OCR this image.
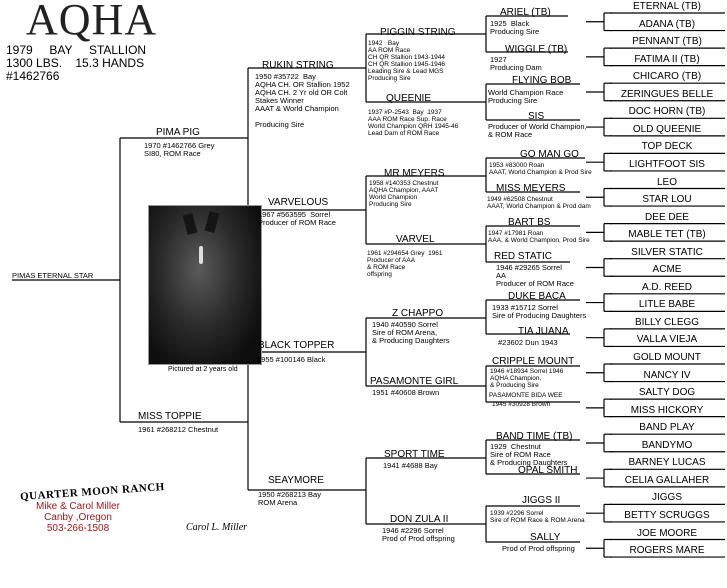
AQHA
1979     BAY     STALLION
1300 LBS.    15.3 HANDS
#1462766
PIMAS ETERNAL STAR
Pictured at 2 years old
PIMA PIG
1970 #1462766 Grey
SI80, ROM Race
MISS TOPPIE
1961 #268212 Chestnut
RUKIN STRING
1950 #35722  Bay
AQHA CH. OR Stallion 1952
AQHA CH. 2 Yr old OR Colt
Stakes Winner
AAAT & World Champion

Producing Sire
VARVELOUS
BLACK TOPPER
1955 #100146 Black
SEAYMORE
1950 #268213 Bay
ROM Arena
PIGGIN STRING
1942   Bay
AA ROM Race
CH QR Stallion 1943-1944
CH QR Stallion 1945-1946
Leading Sire & Lead MGS
Producing Sire
QUEENIE
1937 #P-2543  Bay  1937
AAA ROM Race Sup. Race
World Champion QRH 1945-46
Lead Dam of ROM Race
MR MEYERS
1958 #140353 Chestnut
AQHA Champion, AAAT
World Champion
Producing Sire
VARVEL
1961 #294654 Grey  1961
Producer of AAA
& ROM Race
offspring
Z CHAPPO
1940 #40590 Sorrel
Sire of ROM Arena,
& Producing Daughters
PASAMONTE GIRL
1951 #40608 Brown
SPORT TIME
1941 #4688 Bay
DON ZULA II
1946 #2296 Sorrel
Prod of Prod offspring
ARIEL (TB)
1925  Black
Producing Sire
WIGGLE (TB)
1927
Producing Dam
FLYING BOB
World Champion Race
Producing Sire
SIS
Producer of World Champion,
& ROM Race
GO MAN GO
1953 #83000 Roan
AAAT, World Champion & Prod Sire
MISS MEYERS
1949 #62508 Chestnut
AAAT, World Champion & Prod dam
BART BS
1947 #17981 Roan
AAA, & World Champion, Prod Sire
RED STATIC
1946 #29265 Sorrel
AA
Producer of ROM Race
DUKE BACA
1933 #15712 Sorrel
Sire of Producing Daughters
TIA JUANA
#23602 Dun 1943
CRIPPLE MOUNT
1946 #18934 Sorrel 1946
AQHA Champion,
& Producing Sire
PASAMONTE BIDA WEE
1945 #30928 Brown
BAND TIME (TB)
1929  Chestnut
Sire of ROM Race
& Producing Daughters
OPAL SMITH
JIGGS II
1939 #2296 Sorrel
Sire of ROM Race & ROM Arena
SALLY
Prod of Prod offspring
ETERNAL (TB)
ADANA (TB)
PENNANT (TB)
FATIMA II (TB)
CHICARO (TB)
ZERINGUES BELLE
DOC HORN (TB)
OLD QUEENIE
TOP DECK
LIGHTFOOT SIS
LEO
STAR LOU
DEE DEE
MABLE TET (TB)
SILVER STATIC
ACME
A.D. REED
LITLE BABE
BILLY CLEGG
VALLA VIEJA
GOLD MOUNT
NANCY IV
SALTY DOG
MISS HICKORY
BAND PLAY
BANDYMO
BARNEY LUCAS
CELIA GALLAHER
JIGGS
BETTY SCRUGGS
JOE MOORE
ROGERS MARE
QUARTER MOON RANCH
Mike & Carol Miller
Canby ,Oregon
503-266-1508	Carol L. Miller
1967 #563595  Sorrel
Producer of ROM Race
